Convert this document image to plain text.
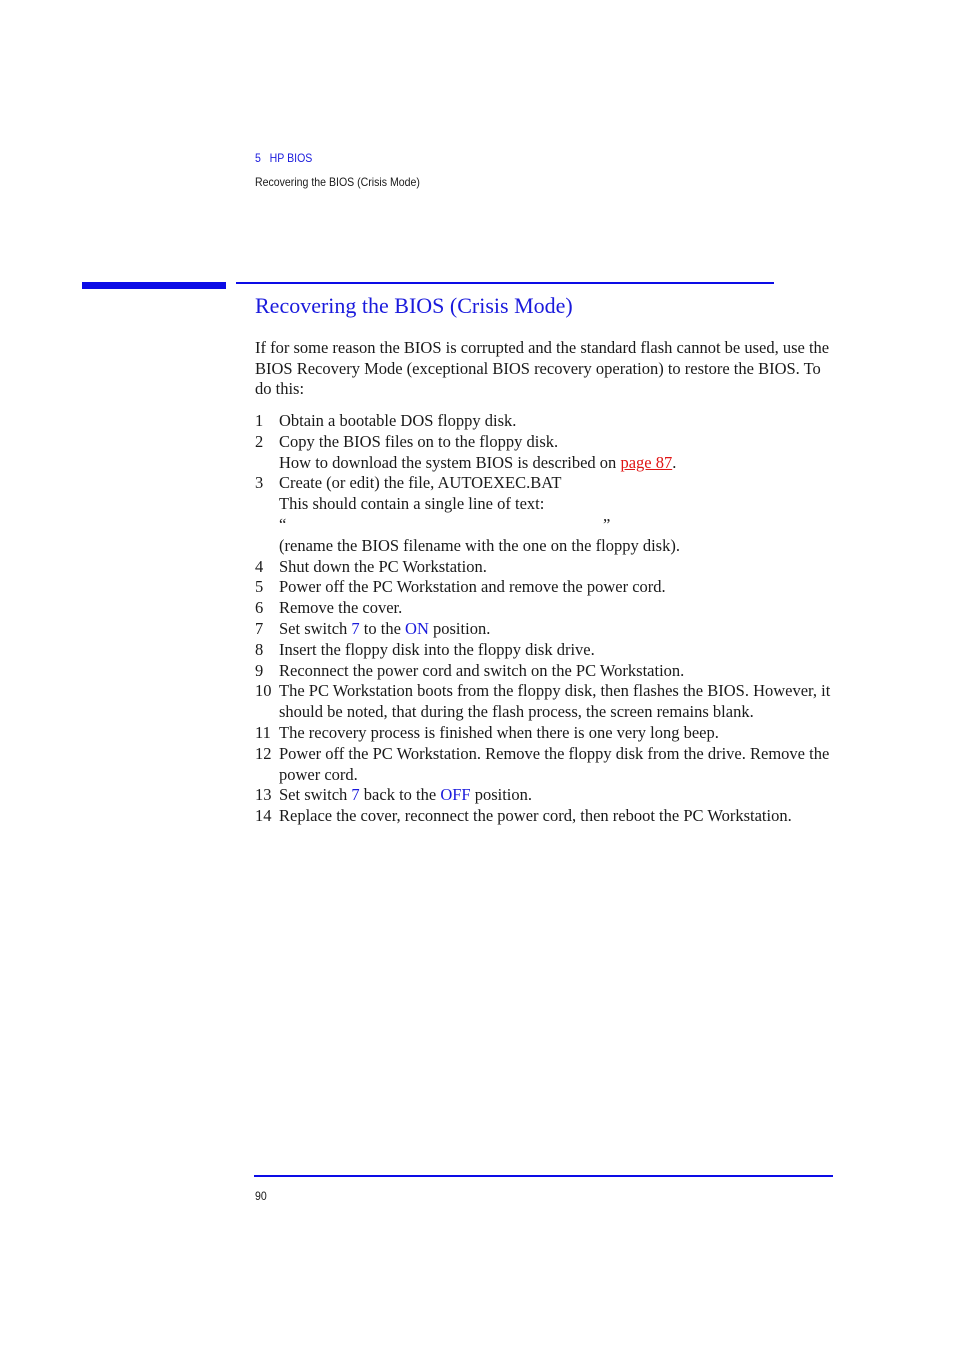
5 HP BIOS
Recovering the BIOS (Crisis Mode)
Recovering the BIOS (Crisis Mode)

If for some reason the BIOS is corrupted and the standard flash cannot be used, use the BIOS Recovery Mode (exceptional BIOS recovery operation) to restore the BIOS. To do this:

1 Obtain a bootable DOS floppy disk.
2 Copy the BIOS files on to the floppy disk.
How to download the system BIOS is described on page 87.
3 Create (or edit) the file, AUTOEXEC.BAT
This should contain a single line of text:
“	”
(rename the BIOS filename with the one on the floppy disk).
4 Shut down the PC Workstation.
5 Power off the PC Workstation and remove the power cord.
6 Remove the cover.
7 Set switch 7 to the ON position.
8 Insert the floppy disk into the floppy disk drive.
9 Reconnect the power cord and switch on the PC Workstation.
10 The PC Workstation boots from the floppy disk, then flashes the BIOS. However, it should be noted, that during the flash process, the screen remains blank.
11 The recovery process is finished when there is one very long beep.
12 Power off the PC Workstation. Remove the floppy disk from the drive. Remove the power cord.
13 Set switch 7 back to the OFF position.
14 Replace the cover, reconnect the power cord, then reboot the PC Workstation.
90
